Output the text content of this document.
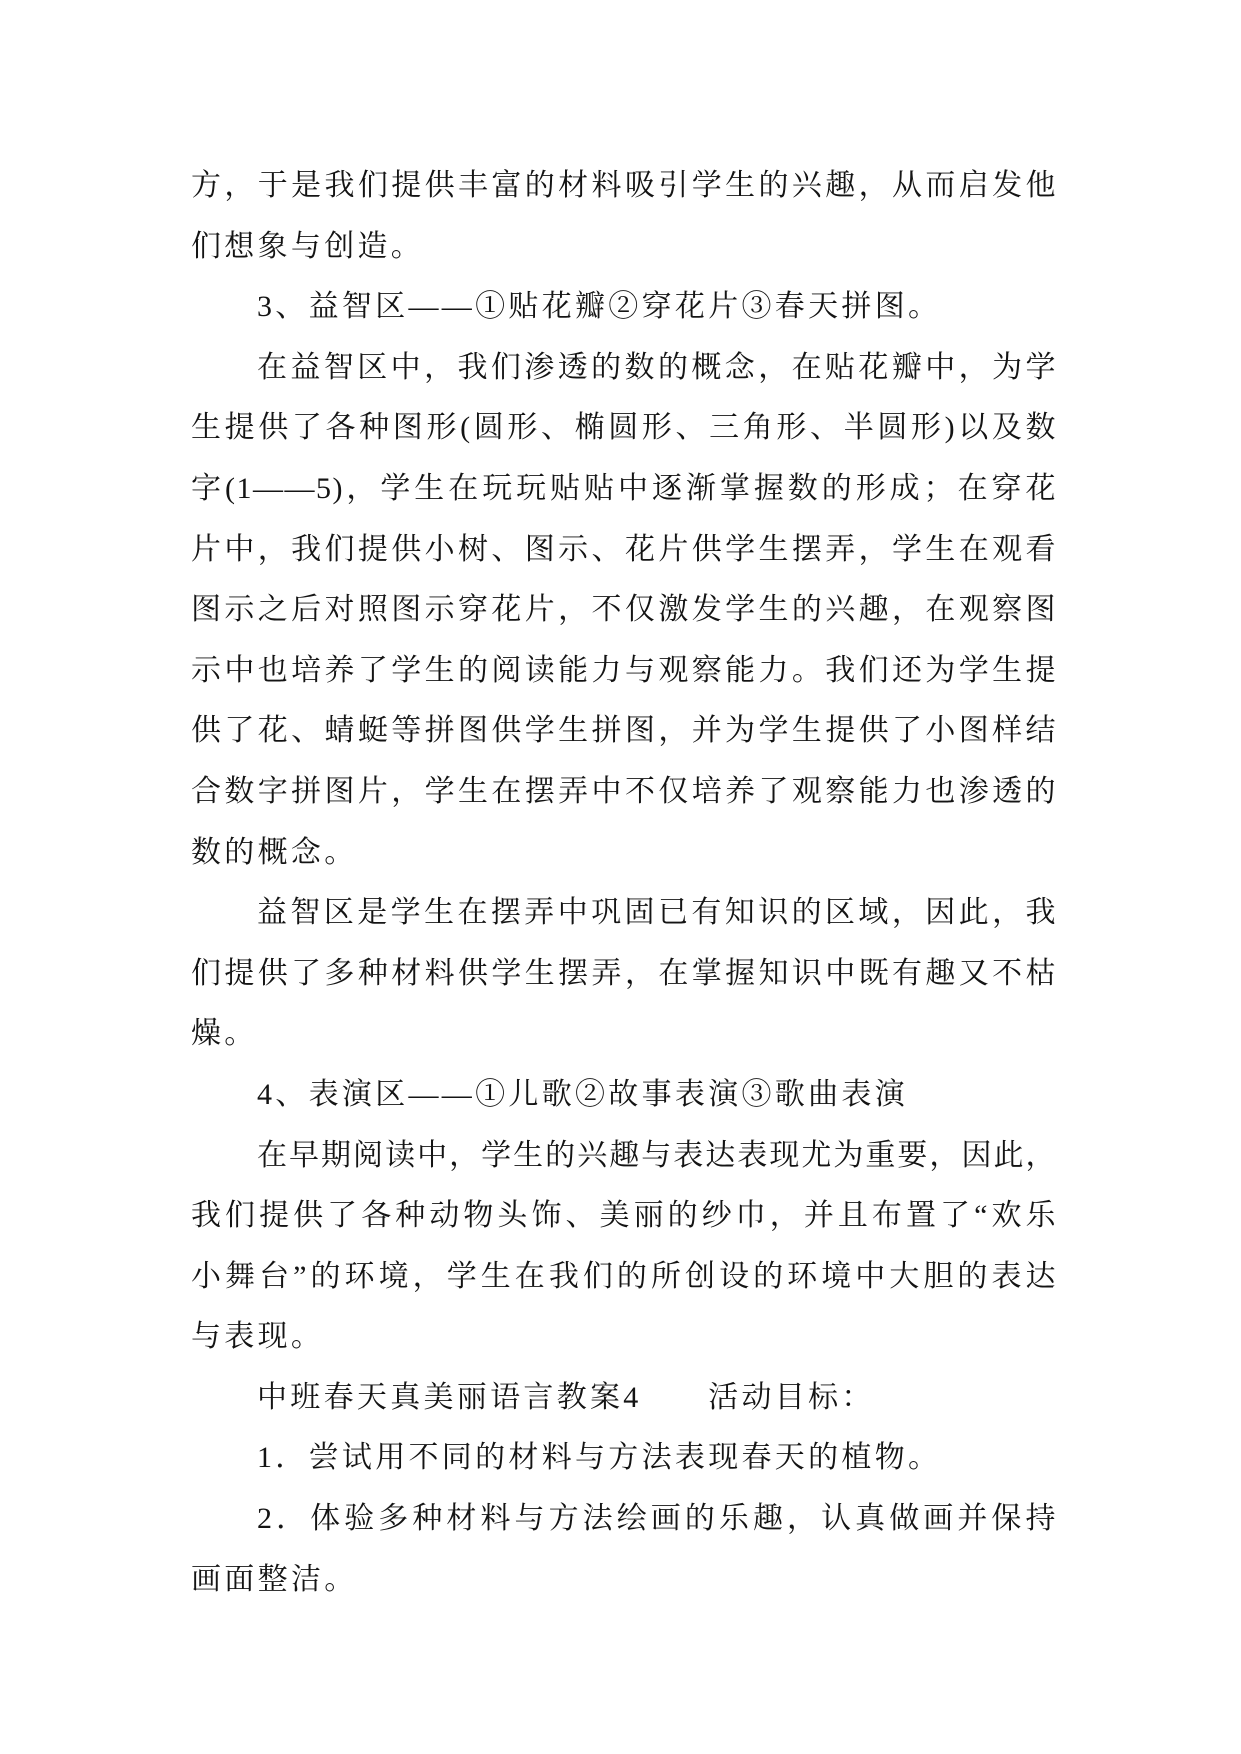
方，于是我们提供丰富的材料吸引学生的兴趣，从而启发他
们想象与创造。
3、益智区——①贴花瓣②穿花片③春天拼图。
在益智区中，我们渗透的数的概念，在贴花瓣中，为学
生提供了各种图形(圆形、椭圆形、三角形、半圆形)以及数
字(1——5)，学生在玩玩贴贴中逐渐掌握数的形成；在穿花
片中，我们提供小树、图示、花片供学生摆弄，学生在观看
图示之后对照图示穿花片，不仅激发学生的兴趣，在观察图
示中也培养了学生的阅读能力与观察能力。我们还为学生提
供了花、蜻蜓等拼图供学生拼图，并为学生提供了小图样结
合数字拼图片，学生在摆弄中不仅培养了观察能力也渗透的
数的概念。
益智区是学生在摆弄中巩固已有知识的区域，因此，我
们提供了多种材料供学生摆弄，在掌握知识中既有趣又不枯
燥。
4、表演区——①儿歌②故事表演③歌曲表演
在早期阅读中，学生的兴趣与表达表现尤为重要，因此，
我们提供了各种动物头饰、美丽的纱巾，并且布置了“欢乐
小舞台”的环境，学生在我们的所创设的环境中大胆的表达
与表现。
中班春天真美丽语言教案4　　活动目标：
1．尝试用不同的材料与方法表现春天的植物。
2．体验多种材料与方法绘画的乐趣，认真做画并保持
画面整洁。
